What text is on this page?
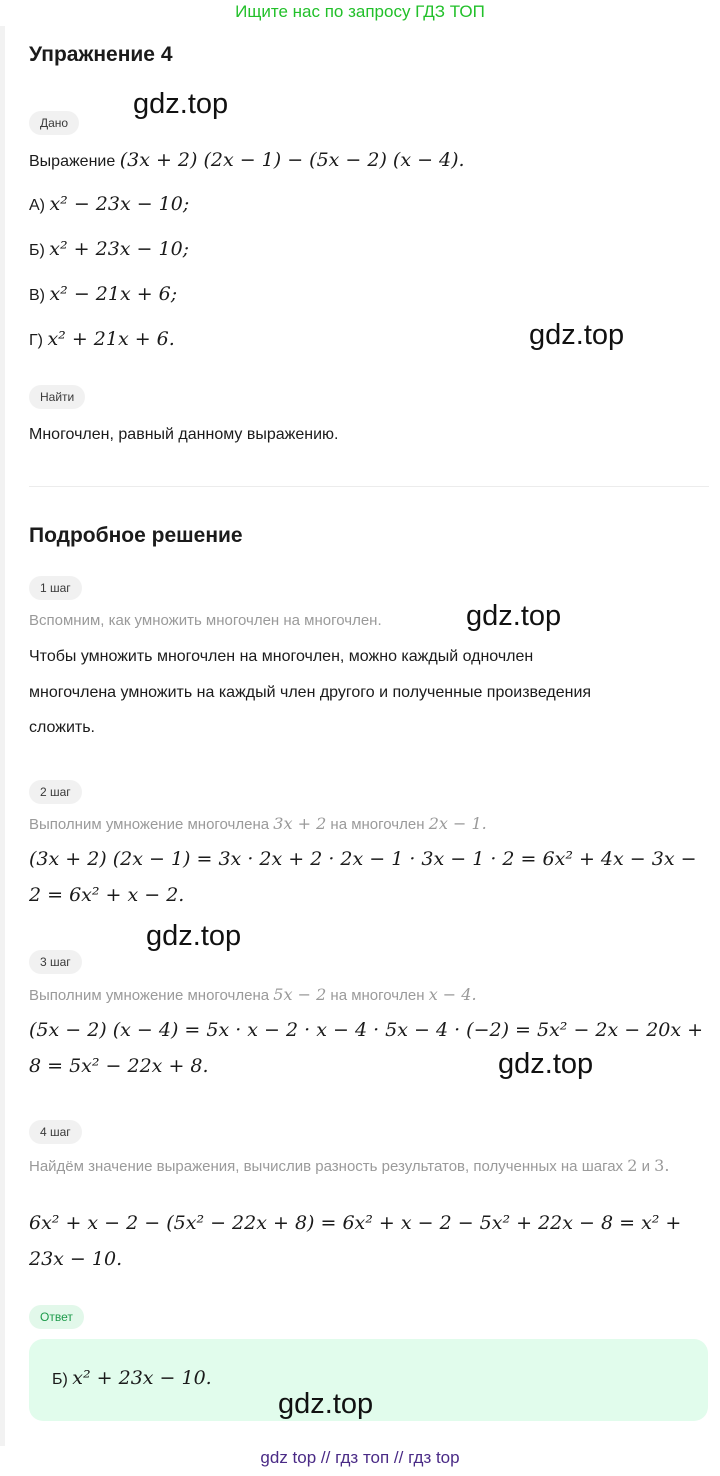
Ищите нас по запросу ГДЗ ТОП
Упражнение 4
Дано
Выражение (3x + 2) (2x − 1) − (5x − 2) (x − 4).
А) x² − 23x − 10;
Б) x² + 23x − 10;
В) x² − 21x + 6;
Г) x² + 21x + 6.
Найти
Многочлен, равный данному выражению.
Подробное решение
1 шаг
Вспомним, как умножить многочлен на многочлен.
Чтобы умножить многочлен на многочлен, можно каждый одночлен
многочлена умножить на каждый член другого и полученные произведения
сложить.
2 шаг
Выполним умножение многочлена 3x + 2 на многочлен 2x − 1.
(3x + 2) (2x − 1) = 3x · 2x + 2 · 2x − 1 · 3x − 1 · 2 = 6x² + 4x − 3x −
2 = 6x² + x − 2.
3 шаг
Выполним умножение многочлена 5x − 2 на многочлен x − 4.
(5x − 2) (x − 4) = 5x · x − 2 · x − 4 · 5x − 4 · (−2) = 5x² − 2x − 20x +
8 = 5x² − 22x + 8.
4 шаг
Найдём значение выражения, вычислив разность результатов, полученных на шагах 2 и 3.
6x² + x − 2 − (5x² − 22x + 8) = 6x² + x − 2 − 5x² + 22x − 8 = x² +
23x − 10.
Ответ
Б) x² + 23x − 10.
gdz.top
gdz.top
gdz.top
gdz.top
gdz.top
gdz.top
gdz top // гдз топ // гдз top
